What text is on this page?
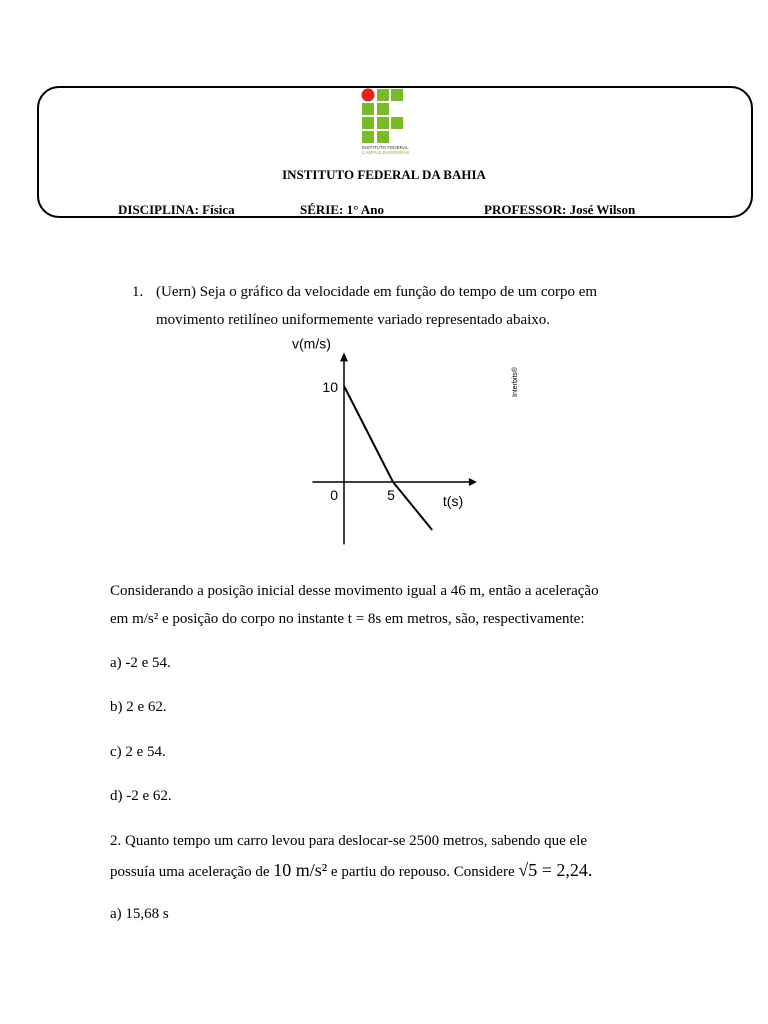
INSTITUTO FEDERAL
CAMPUS BARREIRAS
INSTITUTO FEDERAL DA BAHIA
DISCIPLINA: Física	SÉRIE: 1° Ano	PROFESSOR: José Wilson
1. (Uern) Seja o gráfico da velocidade em função do tempo de um corpo em
movimento retilíneo uniformemente variado representado abaixo.
v(m/s)
t(s)
0	5
10	Interbits®
Considerando a posição inicial desse movimento igual a 46 m, então a aceleração
em m/s² e posição do corpo no instante t = 8s em metros, são, respectivamente:
a) -2 e 54.
b) 2 e 62.
c) 2 e 54.
d) -2 e 62.
2. Quanto tempo um carro levou para deslocar-se 2500 metros, sabendo que ele
possuía uma aceleração de 10 m/s² e partiu do repouso. Considere √5 = 2,24.
a) 15,68 s
